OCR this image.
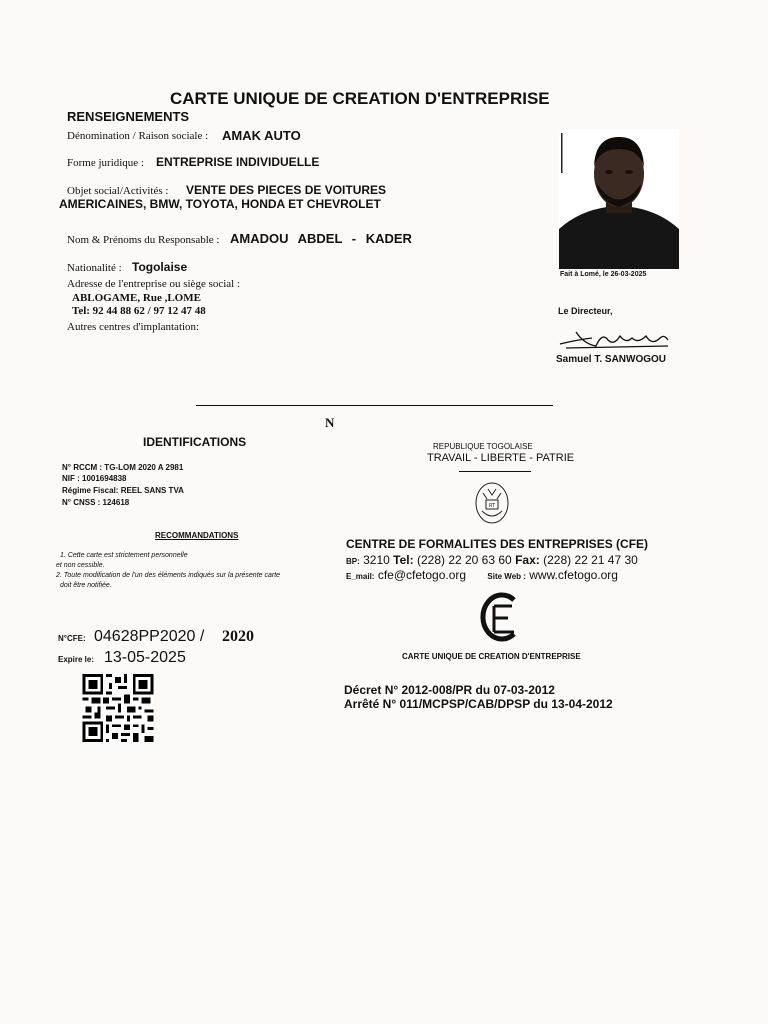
CARTE UNIQUE DE CREATION D'ENTREPRISE
RENSEIGNEMENTS
Dénomination / Raison sociale : AMAK AUTO
Forme juridique : ENTREPRISE INDIVIDUELLE
Objet social/Activités : VENTE DES PIECES DE VOITURES
AMERICAINES, BMW, TOYOTA, HONDA ET CHEVROLET
Nom & Prénoms du Responsable : AMADOU ABDEL - KADER
Nationalité : Togolaise
Adresse de l'entreprise ou siège social :
ABLOGAME, Rue ,LOME
Tel: 92 44 88 62 / 97 12 47 48
Autres centres d'implantation:
Fait à Lomé, le 26-03-2025
Le Directeur,
Samuel T. SANWOGOU
N
IDENTIFICATIONS
N° RCCM : TG-LOM 2020 A 2981
NIF : 1001694838
Régime Fiscal: REEL SANS TVA
N° CNSS : 124618
RECOMMANDATIONS
1. Cette carte est strictement personnelle
et non cessible.
2. Toute modification de l'un des éléments indiqués sur la présente carte
doit être notifiée.
N°CFE: 04628PP2020 / 2020
Expire le: 13-05-2025
REPUBLIQUE TOGOLAISE
TRAVAIL - LIBERTE - PATRIE
RT
CENTRE DE FORMALITES DES ENTREPRISES (CFE)
BP: 3210 Tel: (228) 22 20 63 60 Fax: (228) 22 21 47 30
E_mail: cfe@cfetogo.org	Site Web : www.cfetogo.org
CARTE UNIQUE DE CREATION D'ENTREPRISE
Décret N° 2012-008/PR du 07-03-2012
Arrêté N° 011/MCPSP/CAB/DPSP du 13-04-2012
